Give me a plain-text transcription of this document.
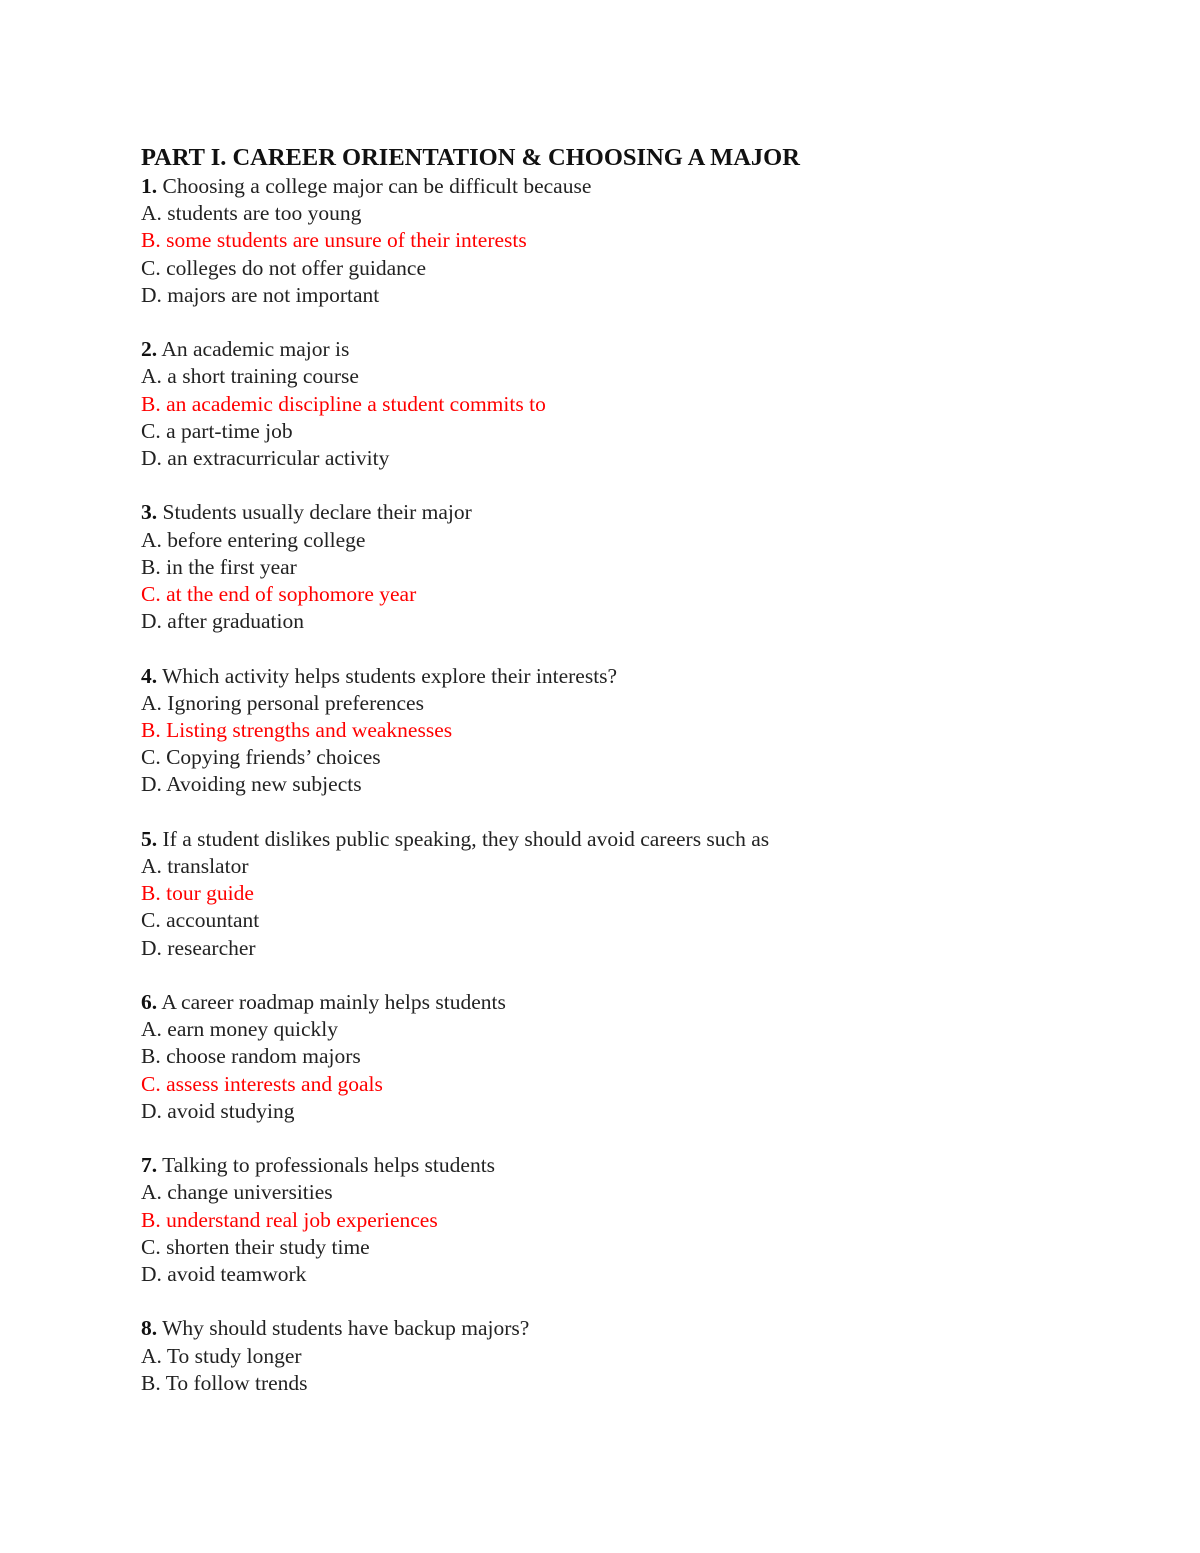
PART I. CAREER ORIENTATION & CHOOSING A MAJOR
1. Choosing a college major can be difficult because
A. students are too young
B. some students are unsure of their interests
C. colleges do not offer guidance
D. majors are not important
2. An academic major is
A. a short training course
B. an academic discipline a student commits to
C. a part-time job
D. an extracurricular activity
3. Students usually declare their major
A. before entering college
B. in the first year
C. at the end of sophomore year
D. after graduation
4. Which activity helps students explore their interests?
A. Ignoring personal preferences
B. Listing strengths and weaknesses
C. Copying friends’ choices
D. Avoiding new subjects
5. If a student dislikes public speaking, they should avoid careers such as
A. translator
B. tour guide
C. accountant
D. researcher
6. A career roadmap mainly helps students
A. earn money quickly
B. choose random majors
C. assess interests and goals
D. avoid studying
7. Talking to professionals helps students
A. change universities
B. understand real job experiences
C. shorten their study time
D. avoid teamwork
8. Why should students have backup majors?
A. To study longer
B. To follow trends
